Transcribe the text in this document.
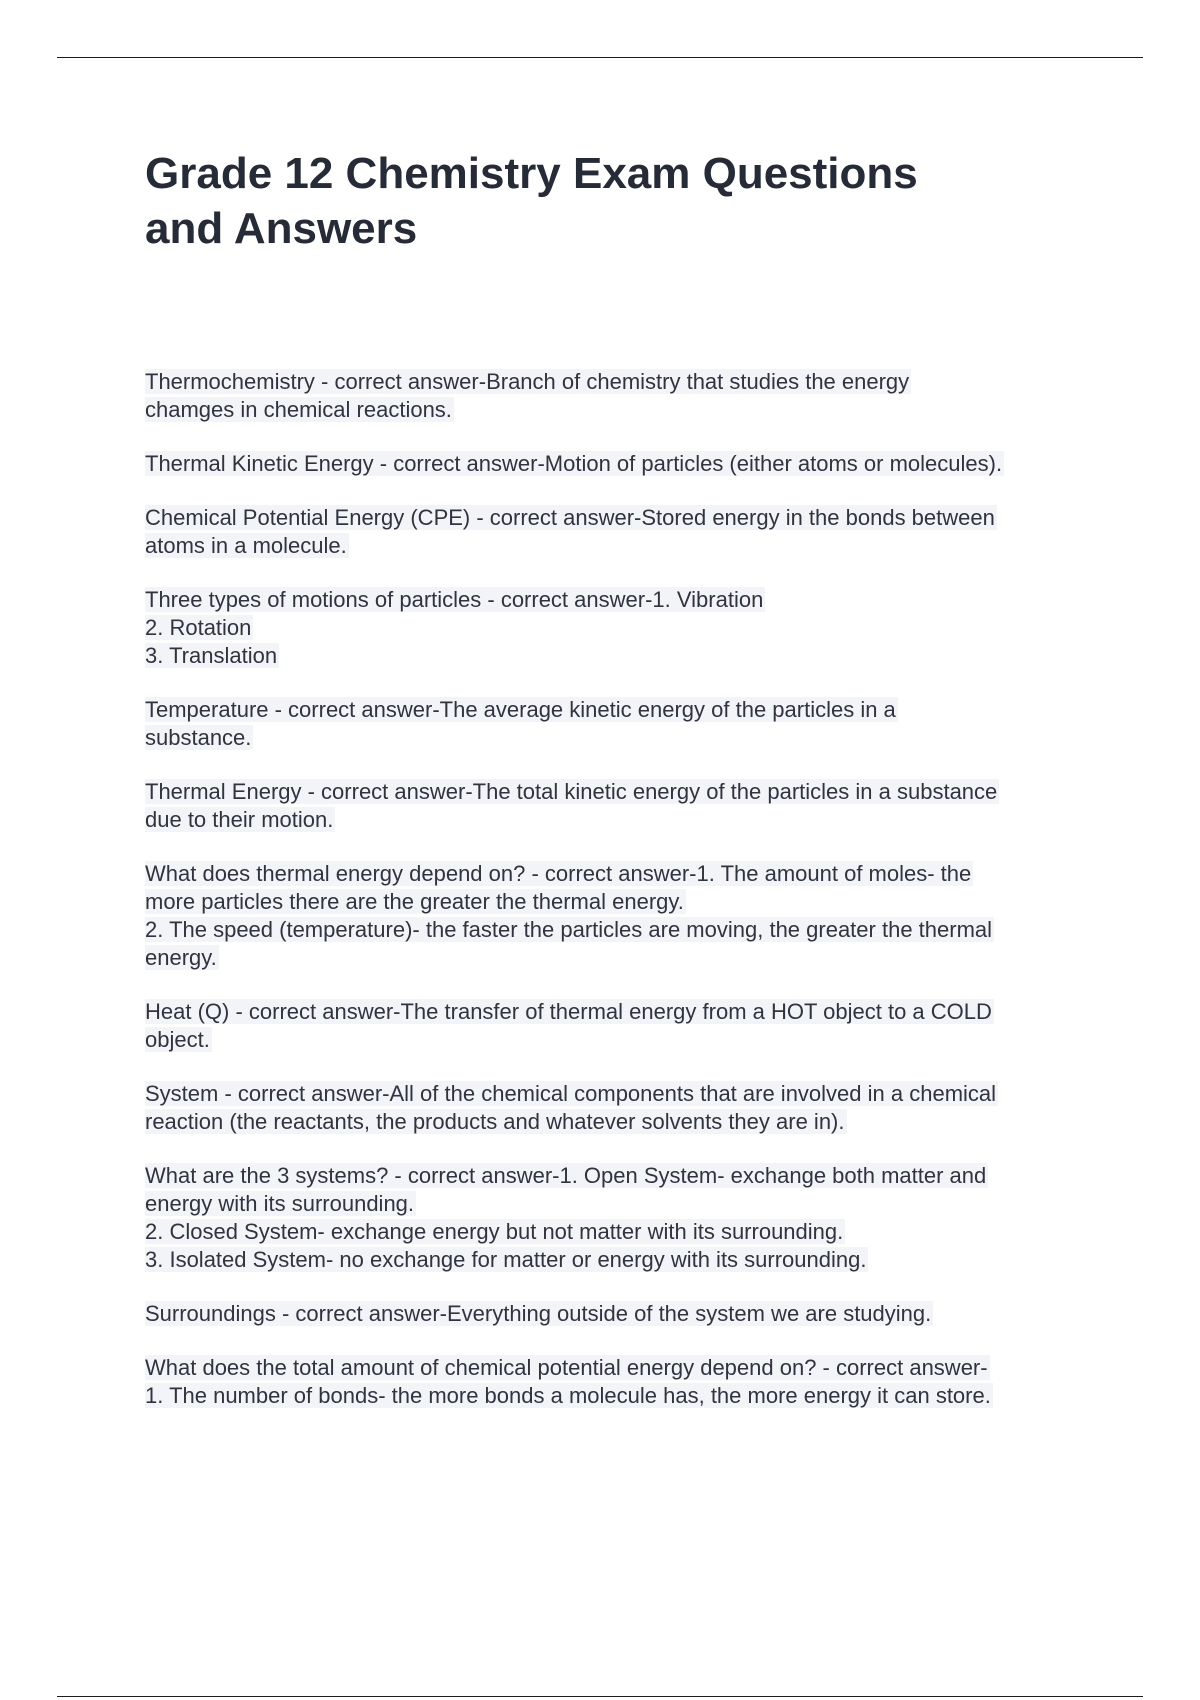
Grade 12 Chemistry Exam Questions
and Answers

Thermochemistry - correct answer-Branch of chemistry that studies the energy
chamges in chemical reactions.

Thermal Kinetic Energy - correct answer-Motion of particles (either atoms or molecules).

Chemical Potential Energy (CPE) - correct answer-Stored energy in the bonds between
atoms in a molecule.

Three types of motions of particles - correct answer-1. Vibration
2. Rotation
3. Translation

Temperature - correct answer-The average kinetic energy of the particles in a
substance.

Thermal Energy - correct answer-The total kinetic energy of the particles in a substance
due to their motion.

What does thermal energy depend on? - correct answer-1. The amount of moles- the
more particles there are the greater the thermal energy.
2. The speed (temperature)- the faster the particles are moving, the greater the thermal
energy.

Heat (Q) - correct answer-The transfer of thermal energy from a HOT object to a COLD
object.

System - correct answer-All of the chemical components that are involved in a chemical
reaction (the reactants, the products and whatever solvents they are in).

What are the 3 systems? - correct answer-1. Open System- exchange both matter and
energy with its surrounding.
2. Closed System- exchange energy but not matter with its surrounding.
3. Isolated System- no exchange for matter or energy with its surrounding.

Surroundings - correct answer-Everything outside of the system we are studying.

What does the total amount of chemical potential energy depend on? - correct answer-
1. The number of bonds- the more bonds a molecule has, the more energy it can store.
